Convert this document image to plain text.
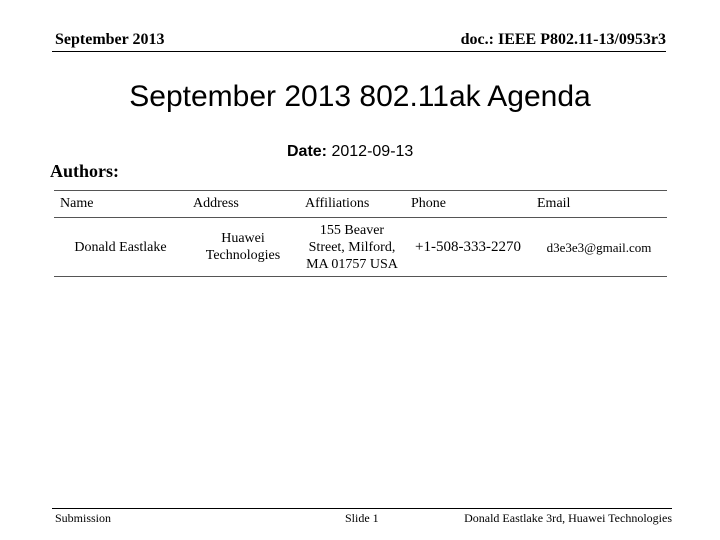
September 2013	doc.: IEEE P802.11-13/0953r3
September 2013 802.11ak Agenda
Date: 2012-09-13
Authors:
Name	Address	Affiliations	Phone	Email
Donald Eastlake	Huawei Technologies	155 Beaver Street, Milford, MA 01757 USA	+1-508-333-2270	d3e3e3@gmail.com
Submission	Slide 1	Donald Eastlake 3rd, Huawei Technologies
